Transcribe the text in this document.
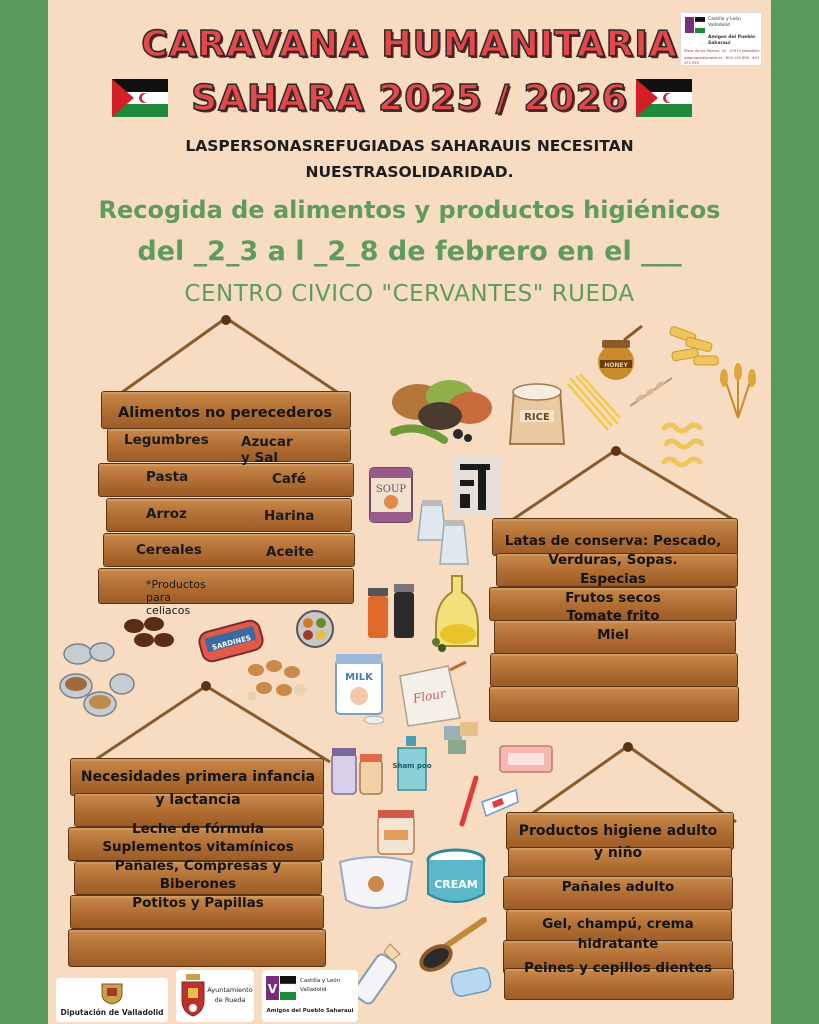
CARAVANA HUMANITARIA
SAHARA 2025 / 2026
Castilla y León
Valladolid
Amigos del Pueblo Saharaui
Plaza de los Marcos, 42 · 47014 Valladolid
www.apsvalladolid.es · 604 100 806 · 643 472 955
LASPERSONASREFUGIADAS SAHARAUIS NECESITAN
NUESTRASOLIDARIDAD.
Recogida de alimentos y productos higiénicos
del _2_3 a l _2_8 de febrero en el ___
CENTRO CIVICO "CERVANTES" RUEDA
Alimentos no perecederos
Legumbres
Pasta
Arroz
Cereales
Azucar y Sal
Café
Harina
Aceite
*Productos para celiacos
Latas de conserva: Pescado,
Verduras, Sopas.
Especias
Frutos secos
Tomate frito
Miel
Necesidades primera infancia
y lactancia
Leche de fórmula
Suplementos vitamínicos
Pañales, Compresas y
Biberones
Potitos y Papillas
Productos higiene adulto
y niño
Pañales adulto
Gel, champú, crema
hidratante
Peines y cepillos dientes
RICE
HONEY
SOUP
SARDINES
MILK
Flour
Sham poo
CREAM
Diputación de Valladolid
Ayuntamiento
de Rueda
V
Castilla y León
Valladolid
Amigos del Pueblo Saharaui
